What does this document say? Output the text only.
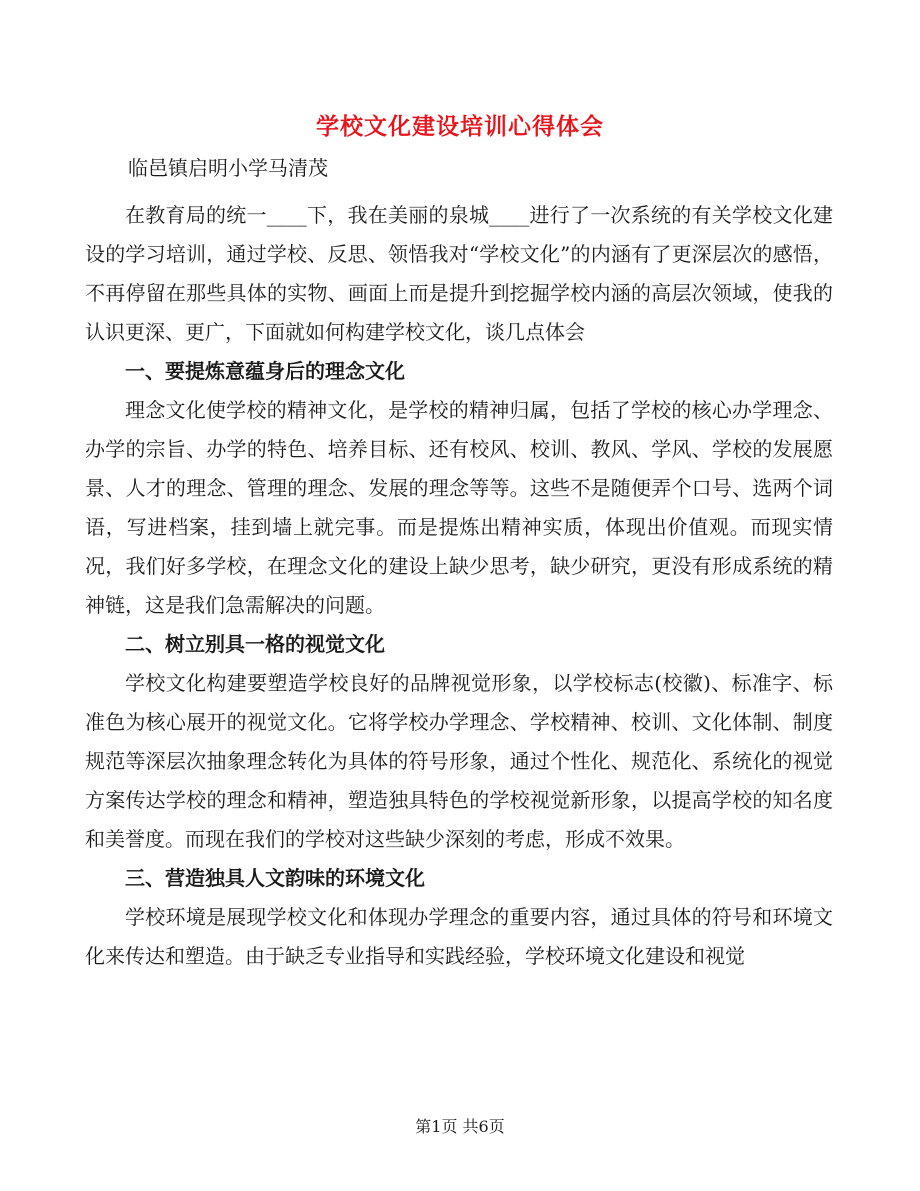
学校文化建设培训心得体会

临邑镇启明小学马清茂

在教育局的统一____下，我在美丽的泉城____进行了一次系统的有关学校文化建设的学习培训，通过学校、反思、领悟我对“学校文化”的内涵有了更深层次的感悟，不再停留在那些具体的实物、画面上而是提升到挖掘学校内涵的高层次领域，使我的认识更深、更广，下面就如何构建学校文化，谈几点体会

一、要提炼意蕴身后的理念文化

理念文化使学校的精神文化，是学校的精神归属，包括了学校的核心办学理念、办学的宗旨、办学的特色、培养目标、还有校风、校训、教风、学风、学校的发展愿景、人才的理念、管理的理念、发展的理念等等。这些不是随便弄个口号、选两个词语，写进档案，挂到墙上就完事。而是提炼出精神实质，体现出价值观。而现实情况，我们好多学校，在理念文化的建设上缺少思考，缺少研究，更没有形成系统的精神链，这是我们急需解决的问题。

二、树立别具一格的视觉文化

学校文化构建要塑造学校良好的品牌视觉形象，以学校标志(校徽)、标准字、标准色为核心展开的视觉文化。它将学校办学理念、学校精神、校训、文化体制、制度规范等深层次抽象理念转化为具体的符号形象，通过个性化、规范化、系统化的视觉方案传达学校的理念和精神，塑造独具特色的学校视觉新形象，以提高学校的知名度和美誉度。而现在我们的学校对这些缺少深刻的考虑，形成不效果。

三、营造独具人文韵味的环境文化

学校环境是展现学校文化和体现办学理念的重要内容，通过具体的符号和环境文化来传达和塑造。由于缺乏专业指导和实践经验，学校环境文化建设和视觉

第1页 共6页
